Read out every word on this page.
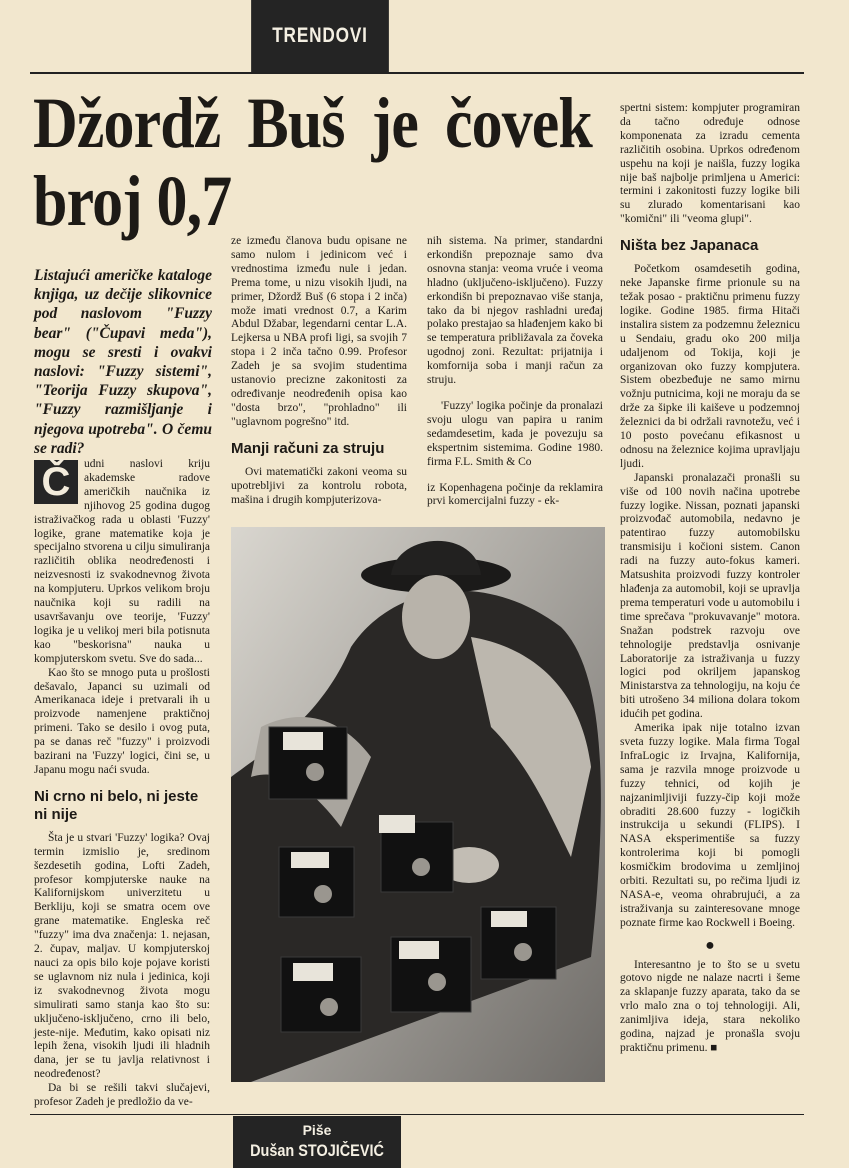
TRENDOVI
Džordž Buš je čovek
broj 0,7

Listajući američke kataloge knjiga, uz dečije slikovnice pod naslovom "Fuzzy bear" ("Čupavi meda"), mogu se sresti i ovakvi naslovi: "Fuzzy sistemi", "Teorija Fuzzy skupova", "Fuzzy razmišljanje i njegova upotreba". O čemu se radi?

Č	udni naslovi kriju akademske radove američkih naučnika iz njihovog 25 godina dugog istraživačkog rada u oblasti 'Fuzzy' logike, grane matematike koja je specijalno stvorena u cilju simuliranja različitih oblika neodređenosti i neizvesnosti iz svakodnevnog života na kompjuteru. Uprkos velikom broju naučnika koji su radili na usavršavanju ove teorije, 'Fuzzy' logika je u velikoj meri bila potisnuta kao "beskorisna" nauka u kompjuterskom svetu. Sve do sada...

Kao što se mnogo puta u prošlosti dešavalo, Japanci su uzimali od Amerikanaca ideje i pretvarali ih u proizvode namenjene praktičnoj primeni. Tako se desilo i ovog puta, pa se danas reč "fuzzy" i proizvodi bazirani na 'Fuzzy' logici, čini se, u Japanu mogu naći svuda.

Ni crno ni belo, ni jeste ni nije

Šta je u stvari 'Fuzzy' logika? Ovaj termin izmislio je, sredinom šezdesetih godina, Lofti Zadeh, profesor kompjuterske nauke na Kalifornijskom univerzitetu u Berkliju, koji se smatra ocem ove grane matematike. Engleska reč "fuzzy" ima dva značenja: 1. nejasan, 2. čupav, maljav. U kompjuterskoj nauci za opis bilo koje pojave koristi se uglavnom niz nula i jedinica, koji iz svakodnevnog života mogu simulirati samo stanja kao što su: uključeno-isključeno, crno ili belo, jeste-nije. Međutim, kako opisati niz lepih žena, visokih ljudi ili hladnih dana, jer se tu javlja relativnost i neodređenost?

Da bi se rešili takvi slučajevi, profesor Zadeh je predložio da ve-

ze između članova budu opisane ne samo nulom i jedinicom već i vrednostima između nule i jedan. Prema tome, u nizu visokih ljudi, na primer, Džordž Buš (6 stopa i 2 inča) može imati vrednost 0.7, a Karim Abdul Džabar, legendarni centar L.A. Lejkersa u NBA profi ligi, sa svojih 7 stopa i 2 inča tačno 0.99. Profesor Zadeh je sa svojim studentima ustanovio precizne zakonitosti za određivanje neodređenih opisa kao "dosta brzo", "prohladno" ili "uglavnom pogrešno" itd.

Manji računi za struju

Ovi matematički zakoni veoma su upotrebljivi za kontrolu robota, mašina i drugih kompjuterizova-

nih sistema. Na primer, standardni erkondišn prepoznaje samo dva osnovna stanja: veoma vruće i veoma hladno (uključeno-isključeno). Fuzzy erkondišn bi prepoznavao više stanja, tako da bi njegov rashladni uređaj polako prestajao sa hlađenjem kako bi se temperatura približavala za čoveka ugodnoj zoni. Rezultat: prijatnija i komfornija soba i manji račun za struju.

'Fuzzy' logika počinje da pronalazi svoju ulogu van papira u ranim sedamdesetim, kada je povezuju sa ekspertnim sistemima. Godine 1980. firma F.L. Smith & Co

iz Kopenhagena počinje da reklamira prvi komercijalni fuzzy - ek-

spertni sistem: kompjuter programiran da tačno određuje odnose komponenata za izradu cementa različitih osobina. Uprkos određenom uspehu na koji je naišla, fuzzy logika nije baš najbolje primljena u Americi: termini i zakonitosti fuzzy logike bili su zlurado komentarisani kao "komični" ili "veoma glupi".

Ništa bez Japanaca

Početkom osamdesetih godina, neke Japanske firme prionule su na težak posao - praktičnu primenu fuzzy logike. Godine 1985. firma Hitači instalira sistem za podzemnu železnicu u Sendaiu, gradu oko 200 milja udaljenom od Tokija, koji je organizovan oko fuzzy kompjutera. Sistem obezbeđuje ne samo mirnu vožnju putnicima, koji ne moraju da se drže za šipke ili kaiševe u podzemnoj železnici da bi održali ravnotežu, već i 10 posto povećanu efikasnost u odnosu na železnice kojima upravljaju ljudi.

Japanski pronalazači pronašli su više od 100 novih načina upotrebe fuzzy logike. Nissan, poznati japanski proizvođač automobila, nedavno je patentirao fuzzy automobilsku transmisiju i kočioni sistem. Canon radi na fuzzy auto-fokus kameri. Matsushita proizvodi fuzzy kontroler hlađenja za automobil, koji se upravlja prema temperaturi vode u automobilu i time sprečava "prokuvavanje" motora. Snažan podstrek razvoju ove tehnologije predstavlja osnivanje Laboratorije za istraživanja u fuzzy logici pod okriljem japanskog Ministarstva za tehnologiju, na koju će biti utrošeno 34 miliona dolara tokom idućih pet godina.

Amerika ipak nije totalno izvan sveta fuzzy logike. Mala firma Togal InfraLogic iz Irvajna, Kalifornija, sama je razvila mnoge proizvode u fuzzy tehnici, od kojih je najzanimljiviji fuzzy-čip koji može obraditi 28.600 fuzzy - logičkih instrukcija u sekundi (FLIPS). I NASA eksperimentiše sa fuzzy kontrolerima koji bi pomogli kosmičkim brodovima u zemljinoj orbiti. Rezultati su, po rečima ljudi iz NASA-e, veoma ohrabrujući, a za istraživanja su zainteresovane mnoge poznate firme kao Rockwell i Boeing.

●

Interesantno je to što se u svetu gotovo nigde ne nalaze nacrti i šeme za sklapanje fuzzy aparata, tako da se vrlo malo zna o toj tehnologiji. Ali, zanimljiva ideja, stara nekoliko godina, najzad je pronašla svoju praktičnu primenu. ■

Piše
Dušan STOJIČEVIĆ
